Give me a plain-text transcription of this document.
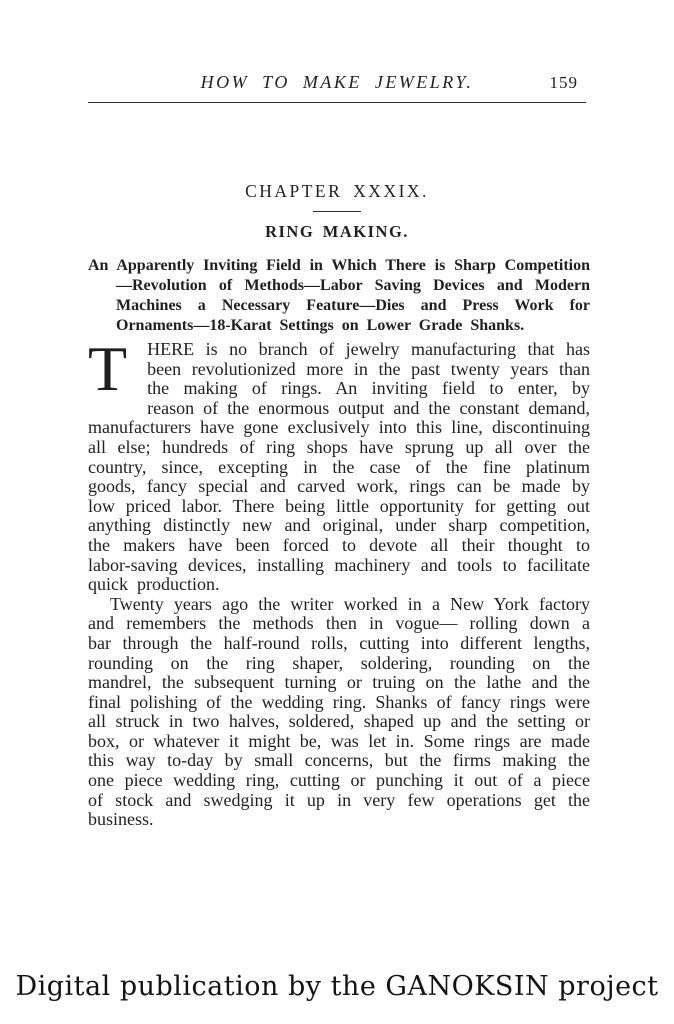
HOW TO MAKE JEWELRY.	159
CHAPTER XXXIX.
RING MAKING.
An Apparently Inviting Field in Which There is Sharp Competition—Revolution of Methods—Labor Saving Devices and Modern Machines a Necessary Feature—Dies and Press Work for Ornaments—18-Karat Settings on Lower Grade Shanks.

T HERE is no branch of jewelry manufacturing that has been revolutionized more in the past twenty years than the making of rings. An inviting field to enter, by reason of the enormous output and the constant demand, manufacturers have gone exclusively into this line, discontinuing all else; hundreds of ring shops have sprung up all over the country, since, excepting in the case of the fine platinum goods, fancy special and carved work, rings can be made by low priced labor. There being little opportunity for getting out anything distinctly new and original, under sharp competition, the makers have been forced to devote all their thought to labor-saving devices, installing machinery and tools to facilitate quick production.

Twenty years ago the writer worked in a New York factory and remembers the methods then in vogue— rolling down a bar through the half-round rolls, cutting into different lengths, rounding on the ring shaper, soldering, rounding on the mandrel, the subsequent turning or truing on the lathe and the final polishing of the wedding ring. Shanks of fancy rings were all struck in two halves, soldered, shaped up and the setting or box, or whatever it might be, was let in. Some rings are made this way to-day by small concerns, but the firms making the one piece wedding ring, cutting or punching it out of a piece of stock and swedging it up in very few operations get the business.

Digital publication by the GANOKSIN project
